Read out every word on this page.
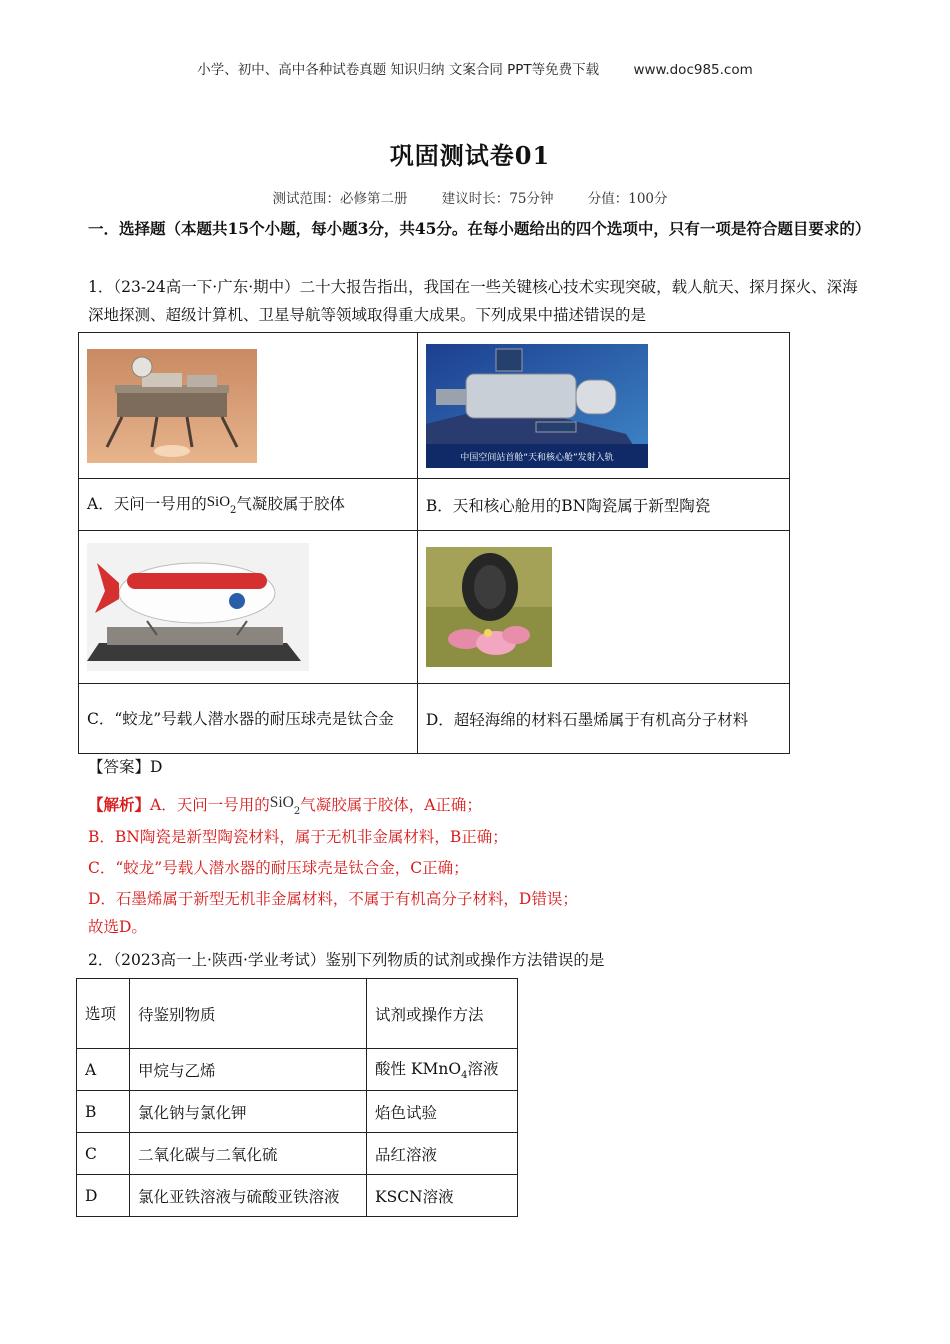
小学、初中、高中各种试卷真题 知识归纳 文案合同 PPT等免费下载	www.doc985.com
巩固测试卷01
测试范围：必修第二册	建议时长：75分钟	分值：100分
一．选择题（本题共15个小题，每小题3分，共45分。在每小题给出的四个选项中，只有一项是符合题目要求的）
1．（23-24高一下·广东·期中）二十大报告指出，我国在一些关键核心技术实现突破，载人航天、探月探火、深海深地探测、超级计算机、卫星导航等领域取得重大成果。下列成果中描述错误的是

中国空间站首舱“天和核心舱”发射入轨

A．天问一号用的SiO$_2$气凝胶属于胶体	B．天和核心舱用的BN陶瓷属于新型陶瓷

C．“蛟龙”号载人潜水器的耐压球壳是钛合金	D．超轻海绵的材料石墨烯属于有机高分子材料
【答案】D
【解析】A．天问一号用的SiO$_2$气凝胶属于胶体，A正确；
B．BN陶瓷是新型陶瓷材料，属于无机非金属材料，B正确；
C．“蛟龙”号载人潜水器的耐压球壳是钛合金，C正确；
D．石墨烯属于新型无机非金属材料，不属于有机高分子材料，D错误；
故选D。
2．（2023高一上·陕西·学业考试）鉴别下列物质的试剂或操作方法错误的是
选项	待鉴别物质	试剂或操作方法
A	甲烷与乙烯	酸性 KMnO$_4$溶液
B	氯化钠与氯化钾	焰色试验
C	二氧化碳与二氧化硫	品红溶液
D	氯化亚铁溶液与硫酸亚铁溶液	KSCN溶液
